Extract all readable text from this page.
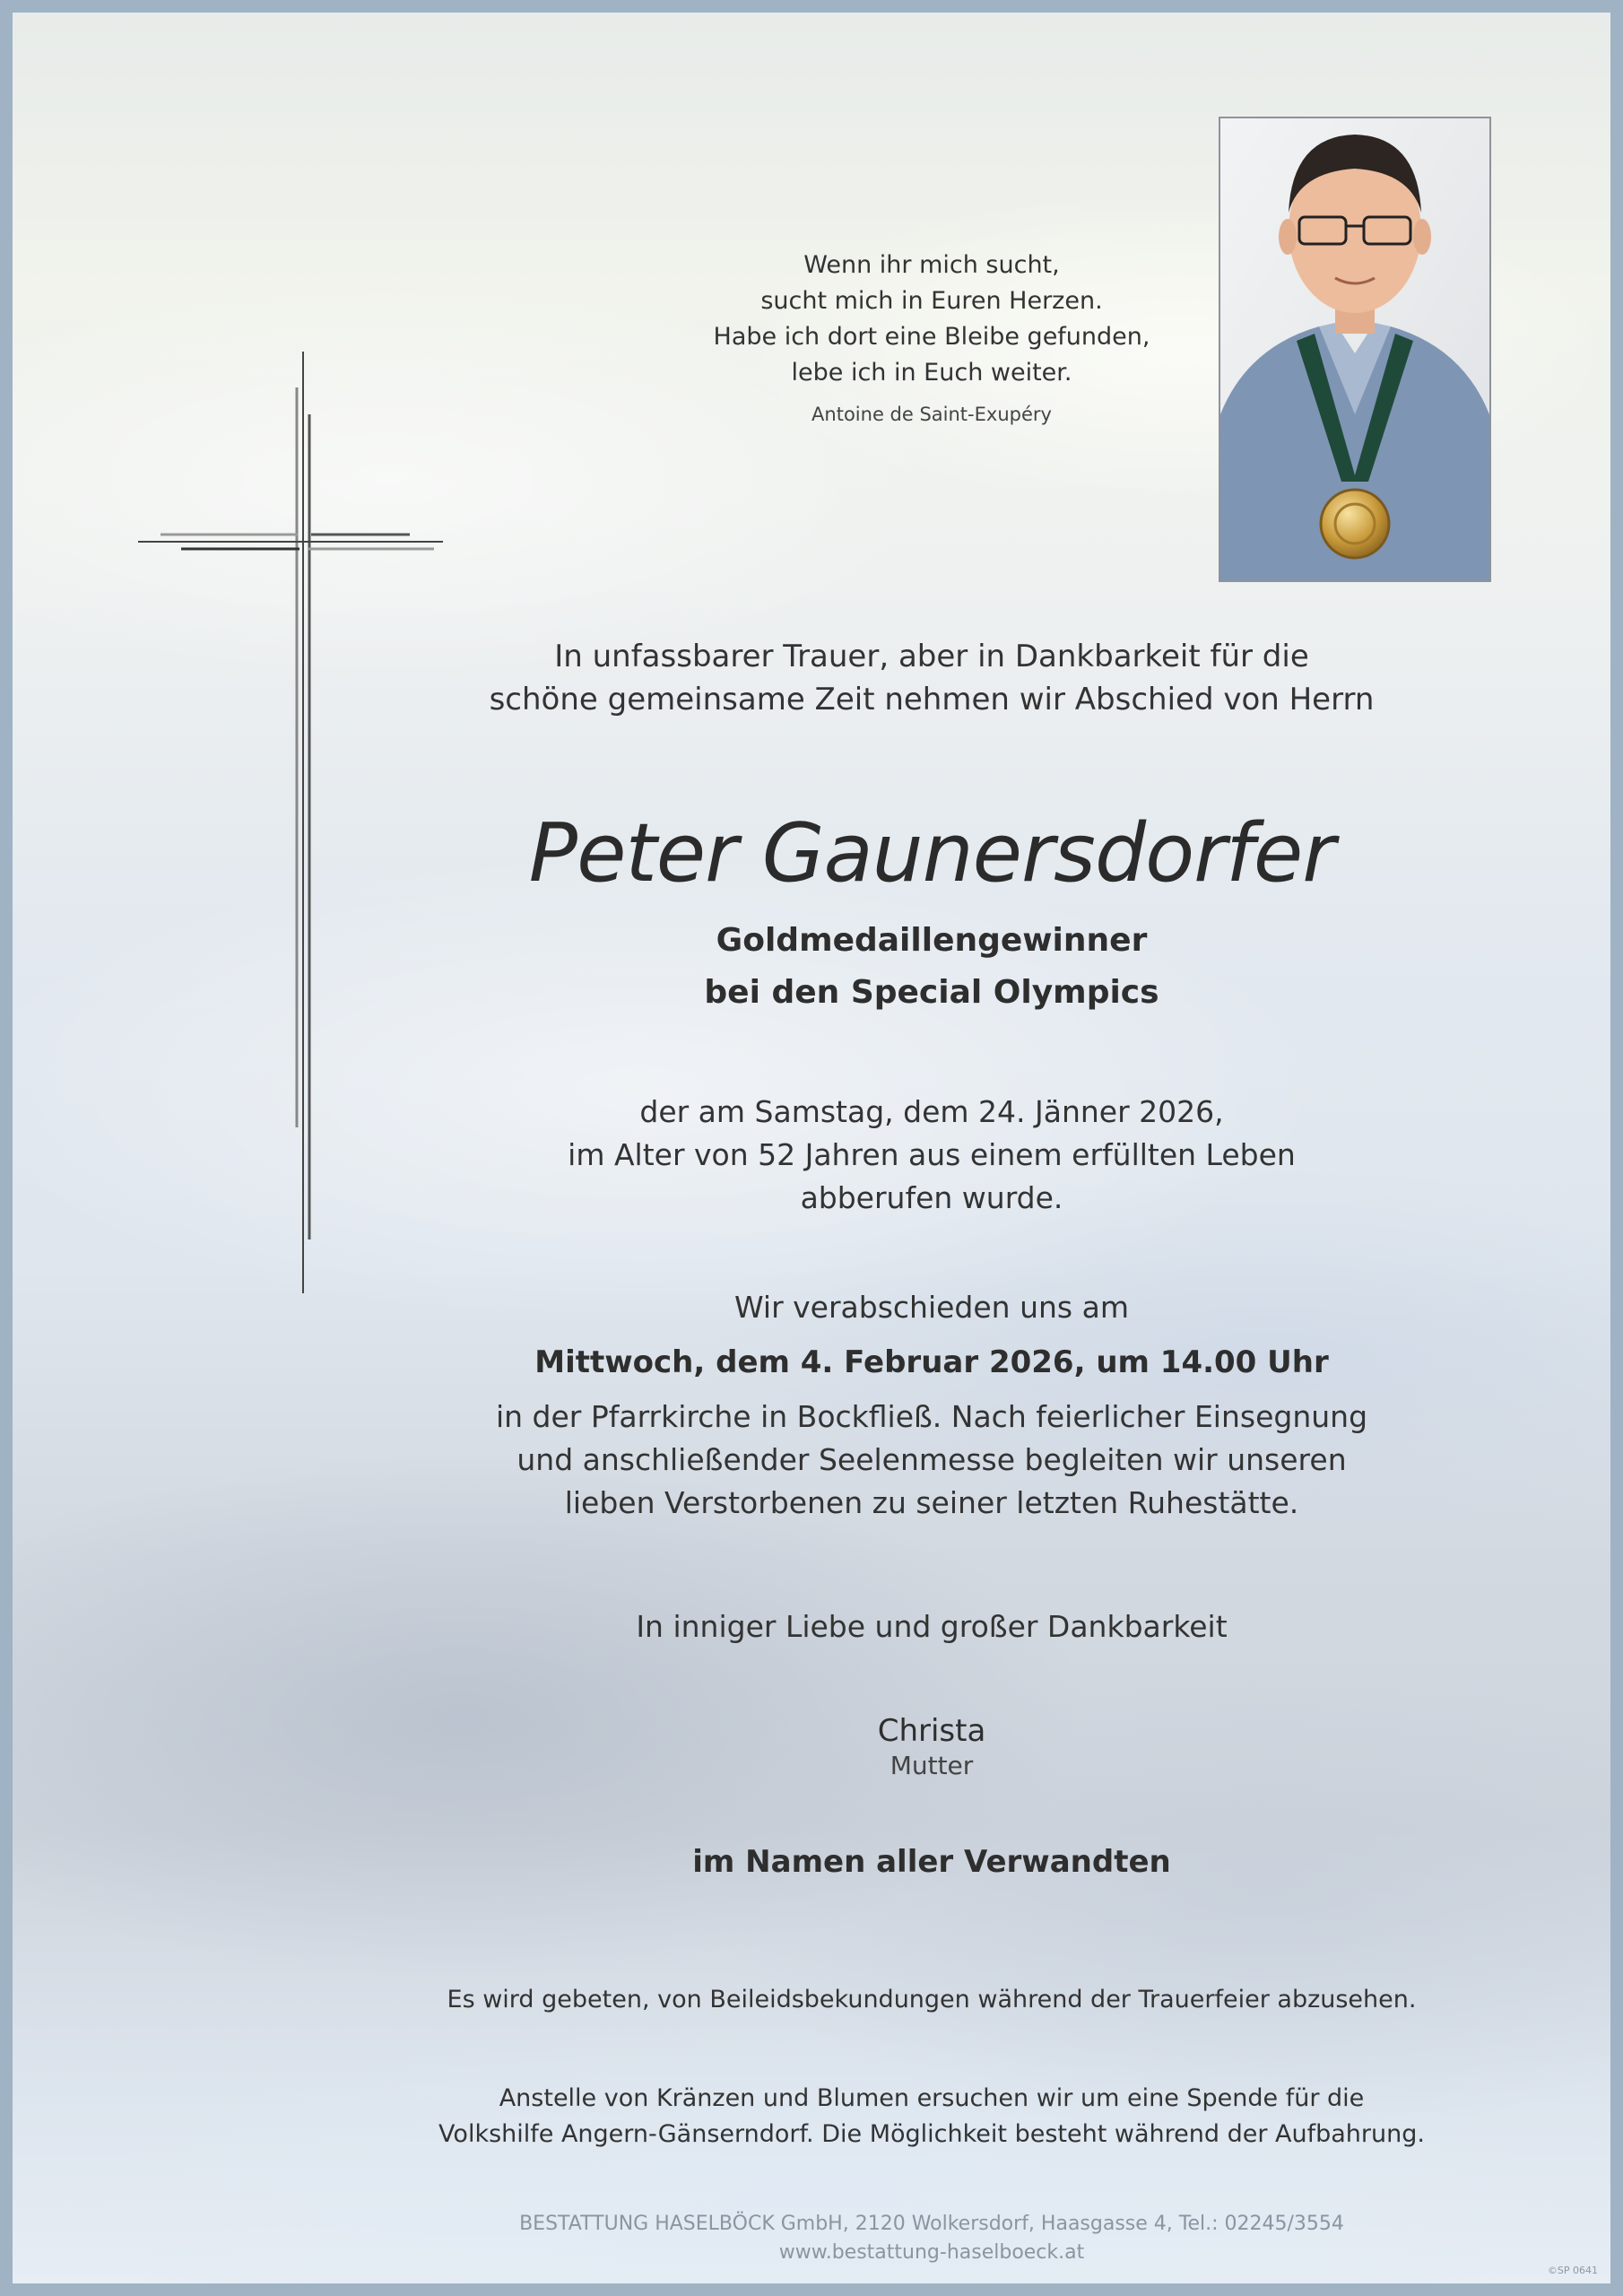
Wenn ihr mich sucht,
sucht mich in Euren Herzen.
Habe ich dort eine Bleibe gefunden,
lebe ich in Euch weiter.
Antoine de Saint-Exupéry
In unfassbarer Trauer, aber in Dankbarkeit für die
schöne gemeinsame Zeit nehmen wir Abschied von Herrn
Peter Gaunersdorfer
Goldmedaillengewinner
bei den Special Olympics
der am Samstag, dem 24. Jänner 2026,
im Alter von 52 Jahren aus einem erfüllten Leben
abberufen wurde.
Wir verabschieden uns am
Mittwoch, dem 4. Februar 2026, um 14.00 Uhr
in der Pfarrkirche in Bockfließ. Nach feierlicher Einsegnung
und anschließender Seelenmesse begleiten wir unseren
lieben Verstorbenen zu seiner letzten Ruhestätte.
In inniger Liebe und großer Dankbarkeit
Christa
Mutter
im Namen aller Verwandten
Es wird gebeten, von Beileidsbekundungen während der Trauerfeier abzusehen.
Anstelle von Kränzen und Blumen ersuchen wir um eine Spende für die
Volkshilfe Angern-Gänserndorf. Die Möglichkeit besteht während der Aufbahrung.
BESTATTUNG HASELBÖCK GmbH, 2120 Wolkersdorf, Haasgasse 4, Tel.: 02245/3554
www.bestattung-haselboeck.at
©SP 0641
